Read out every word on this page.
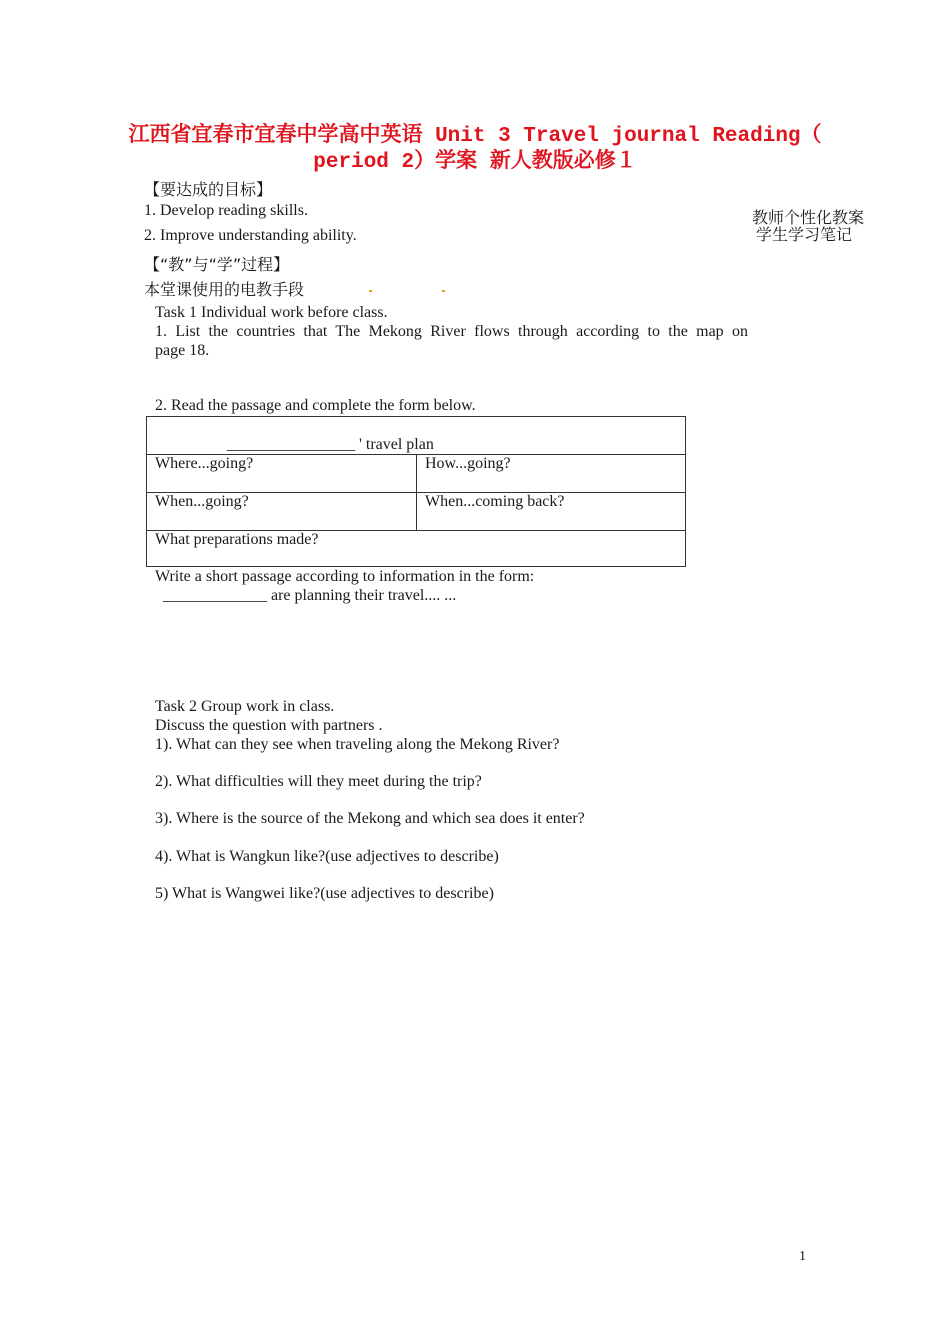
江西省宜春市宜春中学高中英语 Unit 3 Travel journal Reading（
period 2）学案 新人教版必修１
【要达成的目标】
1. Develop reading skills.
2. Improve understanding ability.
教师个性化教案
学生学习笔记
【“教”与“学”过程】
本堂课使用的电教手段
Task 1 Individual work before class.
1. List the countries that The Mekong River flows through according to the map on
page 18.
2. Read the passage and complete the form below.
________________ ' travel plan
Where...going?	How...going?
When...going?	When...coming back?
What preparations made?
Write a short passage according to information in the form:
_____________ are planning their travel.... ...
Task 2 Group work in class.
Discuss the question with partners .
1). What can they see when traveling along the Mekong River?
2). What difficulties will they meet during the trip?
3). Where is the source of the Mekong and which sea does it enter?
4). What is Wangkun like?(use adjectives to describe)
5) What is Wangwei like?(use adjectives to describe)
1
